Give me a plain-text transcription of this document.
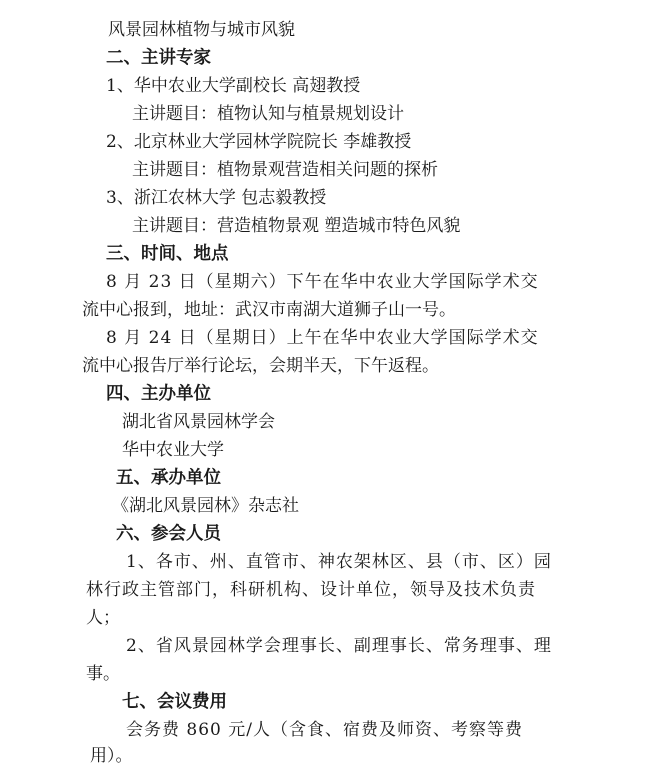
风景园林植物与城市风貌
二、主讲专家
1、华中农业大学副校长 高翅教授
主讲题目：植物认知与植景规划设计
2、北京林业大学园林学院院长 李雄教授
主讲题目：植物景观营造相关问题的探析
3、浙江农林大学 包志毅教授
主讲题目：营造植物景观 塑造城市特色风貌
三、时间、地点
8 月 23 日（星期六）下午在华中农业大学国际学术交
流中心报到，地址：武汉市南湖大道狮子山一号。
8 月 24 日（星期日）上午在华中农业大学国际学术交
流中心报告厅举行论坛，会期半天，下午返程。
四、主办单位
湖北省风景园林学会
华中农业大学
五、承办单位
《湖北风景园林》杂志社
六、参会人员
1、各市、州、直管市、神农架林区、县（市、区）园
林行政主管部门，科研机构、设计单位，领导及技术负责
人；
2、省风景园林学会理事长、副理事长、常务理事、理
事。
七、会议费用
会务费 860 元/人（含食、宿费及师资、考察等费
用）。
